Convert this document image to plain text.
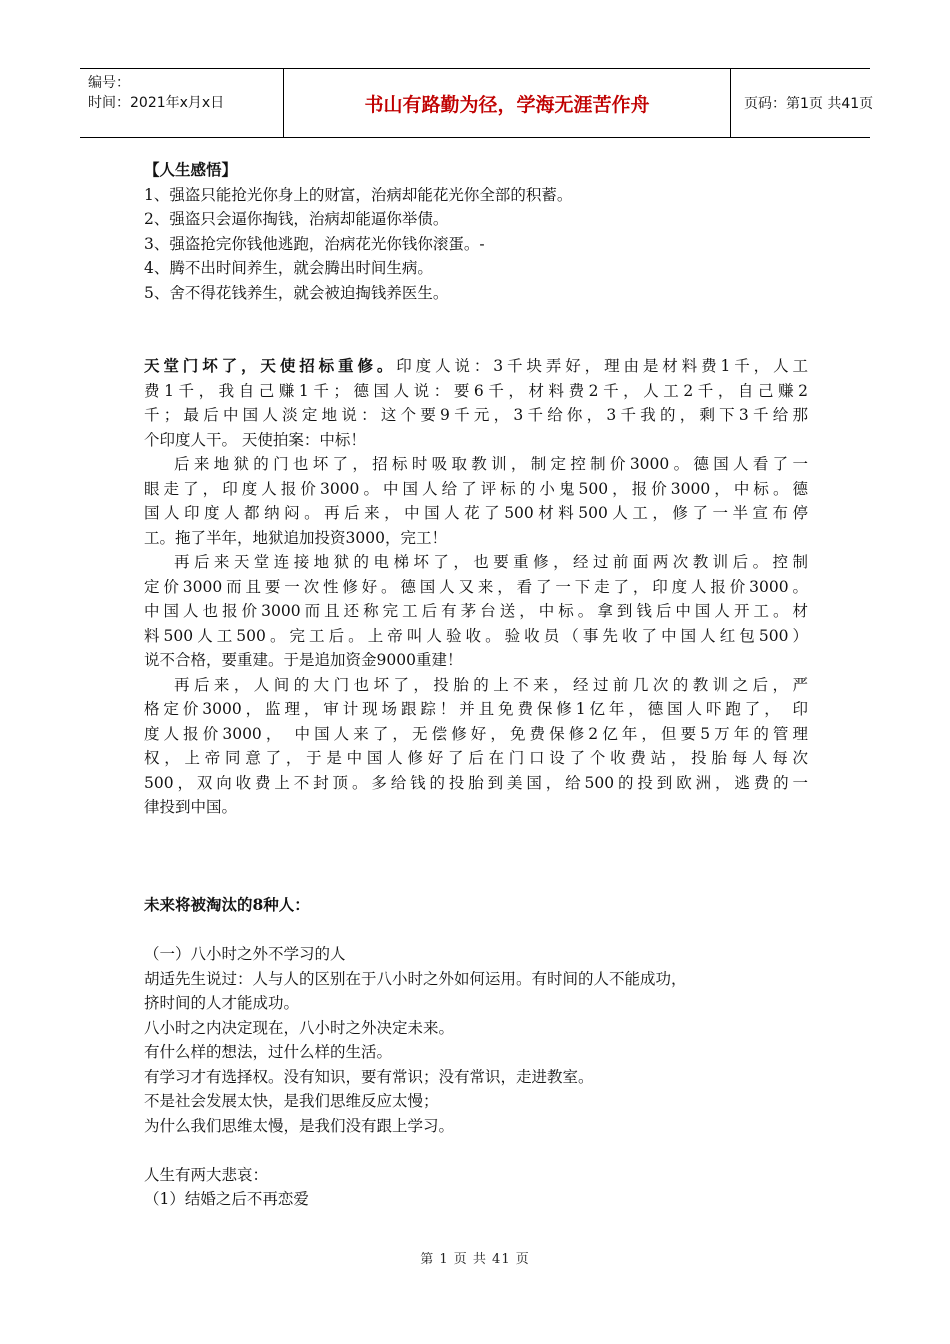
编号：
时间：2021年x月x日	书山有路勤为径，学海无涯苦作舟	页码：第1页 共41页
【人生感悟】
1、强盗只能抢光你身上的财富，治病却能花光你全部的积蓄。
2、强盗只会逼你掏钱，治病却能逼你举债。
3、强盗抢完你钱他逃跑，治病花光你钱你滚蛋。-
4、腾不出时间养生，就会腾出时间生病。
5、舍不得花钱养生，就会被迫掏钱养医生。
天堂门坏了，天使招标重修。印度人说：3千块弄好，理由是材料费1千，人工
费1千，我自己赚1千；德国人说：要6千，材料费2千，人工2千，自己赚2
千；最后中国人淡定地说：这个要9千元，3千给你，3千我的，剩下3千给那
个印度人干。 天使拍案：中标！
后来地狱的门也坏了，招标时吸取教训，制定控制价3000。德国人看了一
眼走了，印度人报价3000。中国人给了评标的小鬼500，报价3000，中标。德
国人印度人都纳闷。再后来，中国人花了500材料500人工，修了一半宣布停
工。拖了半年，地狱追加投资3000，完工！
再后来天堂连接地狱的电梯坏了，也要重修，经过前面两次教训后。控制
定价3000而且要一次性修好。德国人又来，看了一下走了，印度人报价3000。
中国人也报价3000而且还称完工后有茅台送，中标。拿到钱后中国人开工。材
料500人工500。完工后。上帝叫人验收。验收员（事先收了中国人红包500）
说不合格，要重建。于是追加资金9000重建！
再后来，人间的大门也坏了，投胎的上不来，经过前几次的教训之后，严
格定价3000，监理，审计现场跟踪！并且免费保修1亿年，德国人吓跑了， 印
度人报价3000， 中国人来了，无偿修好，免费保修2亿年，但要5万年的管理
权，上帝同意了，于是中国人修好了后在门口设了个收费站，投胎每人每次
500，双向收费上不封顶。多给钱的投胎到美国，给500的投到欧洲，逃费的一
律投到中国。
未来将被淘汰的8种人：
（一）八小时之外不学习的人
胡适先生说过：人与人的区别在于八小时之外如何运用。有时间的人不能成功，
挤时间的人才能成功。
八小时之内决定现在，八小时之外决定未来。
有什么样的想法，过什么样的生活。
有学习才有选择权。没有知识，要有常识；没有常识，走进教室。
不是社会发展太快，是我们思维反应太慢；
为什么我们思维太慢，是我们没有跟上学习。
人生有两大悲哀：
（1）结婚之后不再恋爱
第 1 页 共 41 页
